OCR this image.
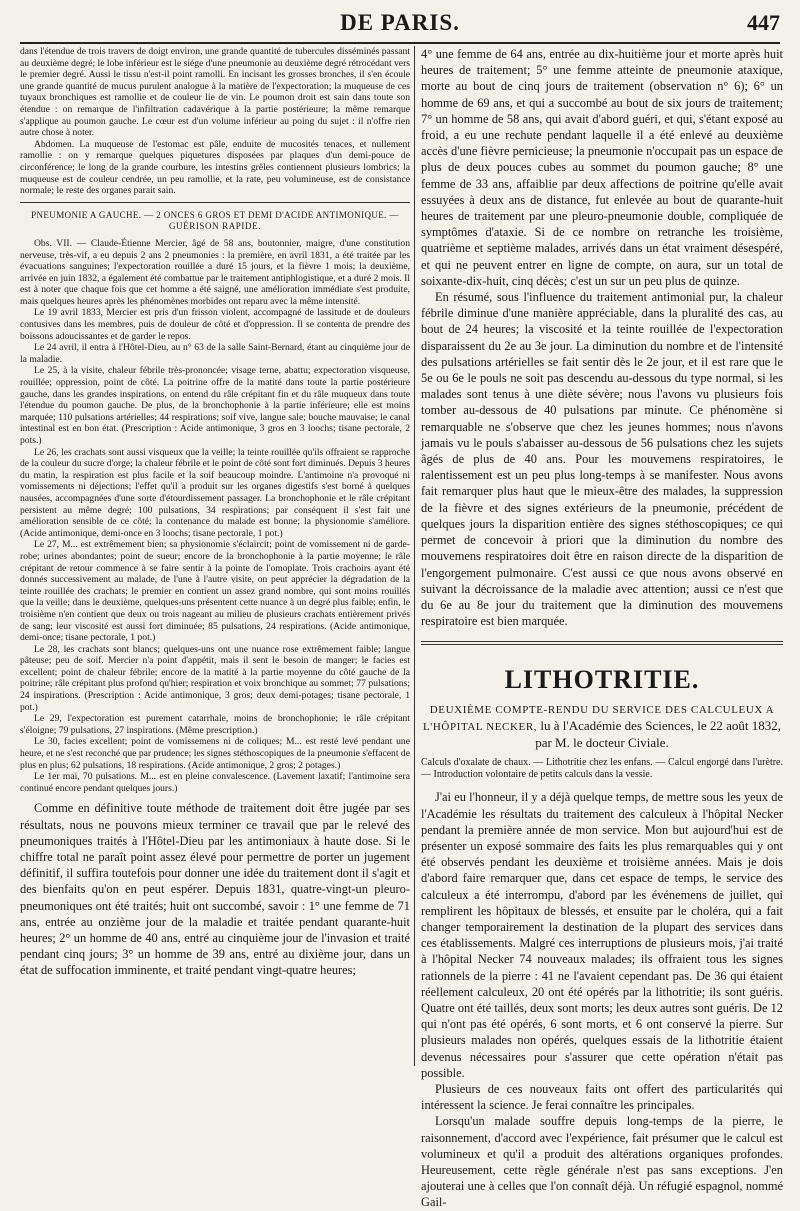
DE PARIS.	447

dans l'étendue de trois travers de doigt environ, une grande quantité de tubercules disséminés passant au deuxième degré; le lobe inférieur est le siége d'une pneumonie au deuxième degré rétrocédant vers le premier degré. Aussi le tissu n'est-il point ramolli. En incisant les grosses bronches, il s'en écoule une grande quantité de mucus purulent analogue à la matière de l'expectoration; la muqueuse de ces tuyaux bronchiques est ramollie et de couleur lie de vin. Le poumon droit est sain dans toute son étendue : on remarque de l'infiltration cadavérique à la partie postérieure; la même remarque s'applique au poumon gauche. Le cœur est d'un volume inférieur au poing du sujet : il n'offre rien autre chose à noter.

Abdomen. La muqueuse de l'estomac est pâle, enduite de mucosités tenaces, et nullement ramollie : on y remarque quelques piquetures disposées par plaques d'un demi-pouce de circonférence; le long de la grande courbure, les intestins grêles contiennent plusieurs lombrics; la muqueuse est de couleur cendrée, un peu ramollie, et la rate, peu volumineuse, est de consistance normale; le reste des organes parait sain.

PNEUMONIE A GAUCHE. — 2 ONCES 6 GROS ET DEMI D'ACIDE ANTIMONIQUE. —

GUÉRISON RAPIDE.

Obs. VII. — Claude-Étienne Mercier, âgé de 58 ans, boutonnier, maigre, d'une constitution nerveuse, très-vif, a eu depuis 2 ans 2 pneumonies : la première, en avril 1831, a été traitée par les évacuations sanguines; l'expectoration rouillée a duré 15 jours, et la fièvre 1 mois; la deuxième, arrivée en juin 1832, a également été combattue par le traitement antiphlogistique, et a duré 2 mois. Il est à noter que chaque fois que cet homme a été saigné, une amélioration immédiate s'est produite, mais quelques heures après les phénomènes morbides ont reparu avec la même intensité.

Le 19 avril 1833, Mercier est pris d'un frisson violent, accompagné de lassitude et de douleurs contusives dans les membres, puis de douleur de côté et d'oppression. Il se contenta de prendre des boissons adoucissantes et de garder le repos.

Le 24 avril, il entra à l'Hôtel-Dieu, au n° 63 de la salle Saint-Bernard, étant au cinquième jour de la maladie.

Le 25, à la visite, chaleur fébrile très-prononcée; visage terne, abattu; expectoration visqueuse, rouillée; oppression, point de côté. La poitrine offre de la matité dans toute la partie postérieure gauche, dans les grandes inspirations, on entend du râle crépitant fin et du râle muqueux dans toute l'étendue du poumon gauche. De plus, de la bronchophonie à la partie inférieure; elle est moins marquée; 110 pulsations artérielles; 44 respirations; soif vive, langue sale; bouche mauvaise; le canal intestinal est en bon état. (Prescription : Acide antimonique, 3 gros en 3 loochs; tisane pectorale, 2 pots.)

Le 26, les crachats sont aussi visqueux que la veille; la teinte rouillée qu'ils offraient se rapproche de la couleur du sucre d'orge; la chaleur fébrile et le point de côté sont fort diminués. Depuis 3 heures du matin, la respiration est plus facile et la soif beaucoup moindre. L'antimoine n'a provoqué ni vomissements ni déjections; l'effet qu'il a produit sur les organes digestifs s'est borné à quelques nausées, accompagnées d'une sorte d'étourdissement passager. La bronchophonie et le râle crépitant persistent au même degré; 100 pulsations, 34 respirations; par conséquent il s'est fait une amélioration sensible de ce côté; la contenance du malade est bonne; la physionomie s'améliore. (Acide antimonique, demi-once en 3 loochs; tisane pectorale, 1 pot.)

Le 27, M... est extrêmement bien; sa physionomie s'éclaircit; point de vomissement ni de garde-robe; urines abondantes; point de sueur; encore de la bronchophonie à la partie moyenne; le râle crépitant de retour commence à se faire sentir à la pointe de l'omoplate. Trois crachoirs ayant été donnés successivement au malade, de l'une à l'autre visite, on peut apprécier la dégradation de la teinte rouillée des crachats; le premier en contient un assez grand nombre, qui sont moins rouillés que la veille; dans le deuxième, quelques-uns présentent cette nuance à un degré plus faible; enfin, le troisième n'en contient que deux ou trois nageant au milieu de plusieurs crachats entièrement privés de sang; leur viscosité est aussi fort diminuée; 85 pulsations, 24 respirations. (Acide antimonique, demi-once; tisane pectorale, 1 pot.)

Le 28, les crachats sont blancs; quelques-uns ont une nuance rose extrêmement faible; langue pâteuse; peu de soif. Mercier n'a point d'appétit, mais il sent le besoin de manger; le facies est excellent; point de chaleur fébrile; encore de la matité à la partie moyenne du côté gauche de la poitrine; râle crépitant plus profond qu'hier; respiration et voix bronchique au sommet; 77 pulsations; 24 inspirations. (Prescription : Acide antimonique, 3 gros; deux demi-potages; tisane pectorale, 1 pot.)

Le 29, l'expectoration est purement catarrhale, moins de bronchophonie; le râle crépitant s'éloigne; 79 pulsations, 27 inspirations. (Même prescription.)

Le 30, facies excellent; point de vomissemens ni de coliques; M... est resté levé pendant une heure, et ne s'est reconché que par prudence; les signes stéthoscopiques de la pneumonie s'effacent de plus en plus; 62 pulsations, 18 respirations. (Acide antimonique, 2 gros; 2 potages.)

Le 1er mai, 70 pulsations. M... est en pleine convalescence. (Lavement laxatif; l'antimoine sera continué encore pendant quelques jours.)

Comme en définitive toute méthode de traitement doit être jugée par ses résultats, nous ne pouvons mieux terminer ce travail que par le relevé des pneumoniques traités à l'Hôtel-Dieu par les antimoniaux à haute dose. Si le chiffre total ne paraît point assez élevé pour permettre de porter un jugement définitif, il suffira toutefois pour donner une idée du traitement dont il s'agit et des bienfaits qu'on en peut espérer. Depuis 1831, quatre-vingt-un pleuro-pneumoniques ont été traités; huit ont succombé, savoir : 1° une femme de 71 ans, entrée au onzième jour de la maladie et traitée pendant quarante-huit heures; 2° un homme de 40 ans, entré au cinquième jour de l'invasion et traité pendant cinq jours; 3° un homme de 39 ans, entré au dixième jour, dans un état de suffocation imminente, et traité pendant vingt-quatre heures;

4° une femme de 64 ans, entrée au dix-huitième jour et morte après huit heures de traitement; 5° une femme atteinte de pneumonie ataxique, morte au bout de cinq jours de traitement (observation n° 6); 6° un homme de 69 ans, et qui a succombé au bout de six jours de traitement; 7° un homme de 58 ans, qui avait d'abord guéri, et qui, s'étant exposé au froid, a eu une rechute pendant laquelle il a été enlevé au deuxième accès d'une fièvre pernicieuse; la pneumonie n'occupait pas un espace de plus de deux pouces cubes au sommet du poumon gauche; 8° une femme de 33 ans, affaiblie par deux affections de poitrine qu'elle avait essuyées à deux ans de distance, fut enlevée au bout de quarante-huit heures de traitement par une pleuro-pneumonie double, compliquée de symptômes d'ataxie. Si de ce nombre on retranche les troisième, quatrième et septième malades, arrivés dans un état vraiment désespéré, et qui ne peuvent entrer en ligne de compte, on aura, sur un total de soixante-dix-huit, cinq décès; c'est un sur un peu plus de quinze.

En résumé, sous l'influence du traitement antimonial pur, la chaleur fébrile diminue d'une manière appréciable, dans la pluralité des cas, au bout de 24 heures; la viscosité et la teinte rouillée de l'expectoration disparaissent du 2e au 3e jour. La diminution du nombre et de l'intensité des pulsations artérielles se fait sentir dès le 2e jour, et il est rare que le 5e ou 6e le pouls ne soit pas descendu au-dessous du type normal, si les malades sont tenus à une diète sévère; nous l'avons vu plusieurs fois tomber au-dessous de 40 pulsations par minute. Ce phénomène si remarquable ne s'observe que chez les jeunes hommes; nous n'avons jamais vu le pouls s'abaisser au-dessous de 56 pulsations chez les sujets âgés de plus de 40 ans. Pour les mouvemens respiratoires, le ralentissement est un peu plus long-temps à se manifester. Nous avons fait remarquer plus haut que le mieux-être des malades, la suppression de la fièvre et des signes extérieurs de la pneumonie, précédent de quelques jours la disparition entière des signes stéthoscopiques; ce qui permet de concevoir à priori que la diminution du nombre des mouvemens respiratoires doit être en raison directe de la disparition de l'engorgement pulmonaire. C'est aussi ce que nous avons observé en suivant la décroissance de la maladie avec attention; aussi ce n'est que du 6e au 8e jour du traitement que la diminution des mouvemens respiratoire est bien marquée.

LITHOTRITIE.

DEUXIÈME COMPTE-RENDU DU SERVICE DES CALCULEUX A L'HÔPITAL NECKER, lu à l'Académie des Sciences, le 22 août 1832, par M. le docteur Civiale.

Calculs d'oxalate de chaux. — Lithotritie chez les enfans. — Calcul engorgé dans l'urètre. — Introduction volontaire de petits calculs dans la vessie.

J'ai eu l'honneur, il y a déjà quelque temps, de mettre sous les yeux de l'Académie les résultats du traitement des calculeux à l'hôpital Necker pendant la première année de mon service. Mon but aujourd'hui est de présenter un exposé sommaire des faits les plus remarquables qui y ont été observés pendant les deuxième et troisième années. Mais je dois d'abord faire remarquer que, dans cet espace de temps, le service des calculeux a été interrompu, d'abord par les événemens de juillet, qui remplirent les hôpitaux de blessés, et ensuite par le choléra, qui a fait changer temporairement la destination de la plupart des services dans ces établissements. Malgré ces interruptions de plusieurs mois, j'ai traité à l'hôpital Necker 74 nouveaux malades; ils offraient tous les signes rationnels de la pierre : 41 ne l'avaient cependant pas. De 36 qui étaient réellement calculeux, 20 ont été opérés par la lithotritie; ils sont guéris. Quatre ont été taillés, deux sont morts; les deux autres sont guéris. De 12 qui n'ont pas été opérés, 6 sont morts, et 6 ont conservé la pierre. Sur plusieurs malades non opérés, quelques essais de la lithotritie étaient devenus nécessaires pour s'assurer que cette opération n'était pas possible.

Plusieurs de ces nouveaux faits ont offert des particularités qui intéressent la science. Je ferai connaître les principales.

Lorsqu'un malade souffre depuis long-temps de la pierre, le raisonnement, d'accord avec l'expérience, fait présumer que le calcul est volumineux et qu'il a produit des altérations organiques profondes. Heureusement, cette règle générale n'est pas sans exceptions. J'en ajouterai une à celles que l'on connaît déjà. Un réfugié espagnol, nommé Gail-
